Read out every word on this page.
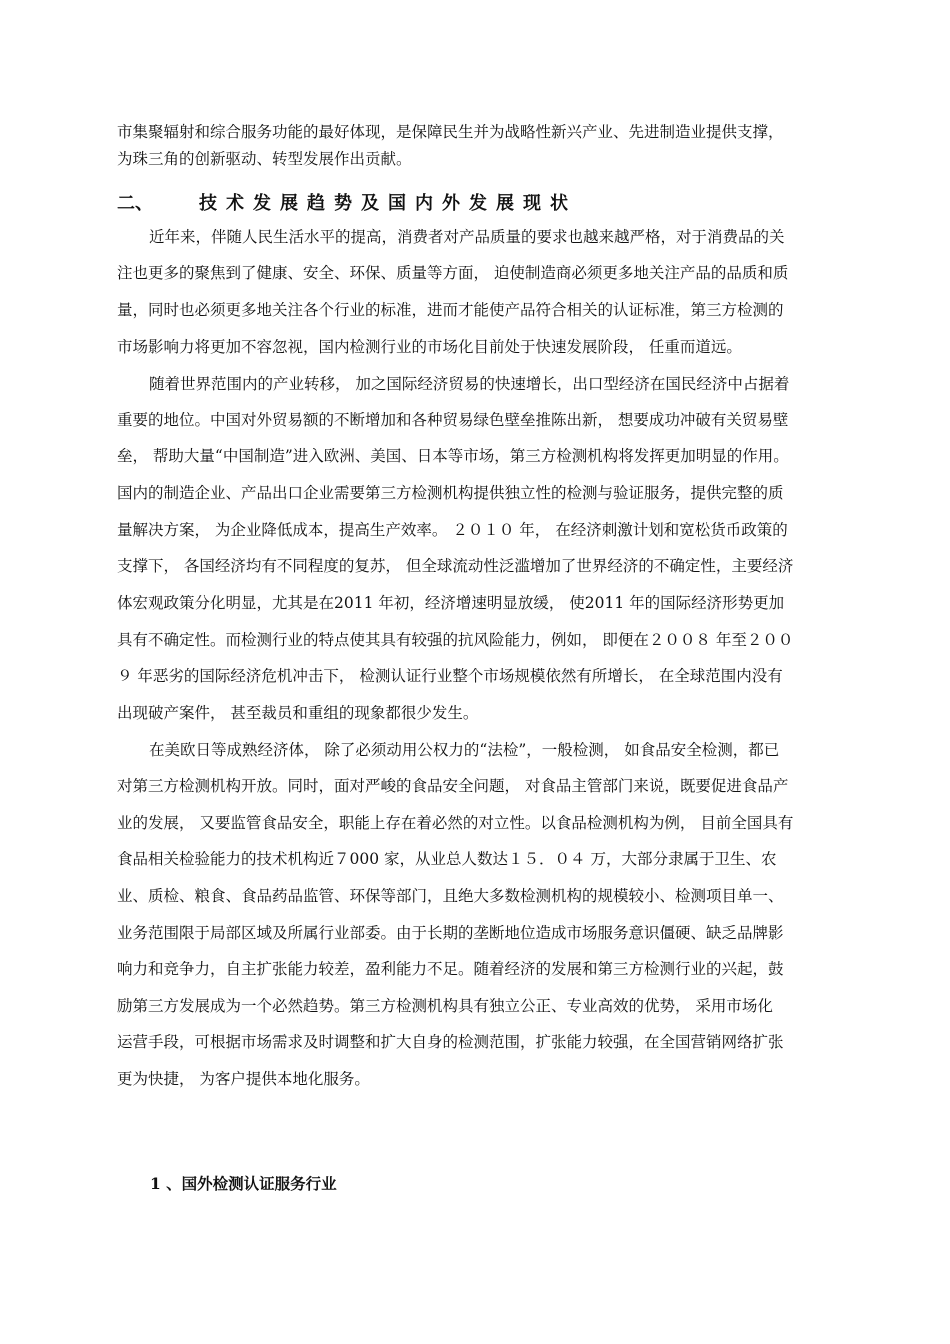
市集聚辐射和综合服务功能的最好体现，是保障民生并为战略性新兴产业、先进制造业提供支撑，
为珠三角的创新驱动、转型发展作出贡献。
二、	技术发展趋势及国内外发展现状
近年来，伴随人民生活水平的提高，消费者对产品质量的要求也越来越严格，对于消费品的关
注也更多的聚焦到了健康、安全、环保、质量等方面， 迫使制造商必须更多地关注产品的品质和质
量，同时也必须更多地关注各个行业的标准，进而才能使产品符合相关的认证标准，第三方检测的
市场影响力将更加不容忽视，国内检测行业的市场化目前处于快速发展阶段， 任重而道远。
随着世界范围内的产业转移， 加之国际经济贸易的快速增长，出口型经济在国民经济中占据着
重要的地位。中国对外贸易额的不断增加和各种贸易绿色壁垒推陈出新， 想要成功冲破有关贸易壁
垒， 帮助大量“中国制造”进入欧洲、美国、日本等市场，第三方检测机构将发挥更加明显的作用。
国内的制造企业、产品出口企业需要第三方检测机构提供独立性的检测与验证服务，提供完整的质
量解决方案， 为企业降低成本，提高生产效率。 ２０１０ 年， 在经济刺激计划和宽松货币政策的
支撑下， 各国经济均有不同程度的复苏， 但全球流动性泛滥增加了世界经济的不确定性，主要经济
体宏观政策分化明显，尤其是在2011 年初，经济增速明显放缓， 使2011 年的国际经济形势更加
具有不确定性。而检测行业的特点使其具有较强的抗风险能力，例如， 即便在２００８ 年至２００
９ 年恶劣的国际经济危机冲击下， 检测认证行业整个市场规模依然有所增长， 在全球范围内没有
出现破产案件， 甚至裁员和重组的现象都很少发生。
在美欧日等成熟经济体， 除了必须动用公权力的“法检”，一般检测， 如食品安全检测，都已
对第三方检测机构开放。同时，面对严峻的食品安全问题， 对食品主管部门来说，既要促进食品产
业的发展， 又要监管食品安全，职能上存在着必然的对立性。以食品检测机构为例， 目前全国具有
食品相关检验能力的技术机构近７000 家，从业总人数达１５．０４ 万，大部分隶属于卫生、农
业、质检、粮食、食品药品监管、环保等部门，且绝大多数检测机构的规模较小、检测项目单一、
业务范围限于局部区域及所属行业部委。由于长期的垄断地位造成市场服务意识僵硬、缺乏品牌影
响力和竞争力，自主扩张能力较差，盈利能力不足。随着经济的发展和第三方检测行业的兴起，鼓
励第三方发展成为一个必然趋势。第三方检测机构具有独立公正、专业高效的优势， 采用市场化
运营手段，可根据市场需求及时调整和扩大自身的检测范围，扩张能力较强，在全国营销网络扩张
更为快捷， 为客户提供本地化服务。
1 、国外检测认证服务行业
